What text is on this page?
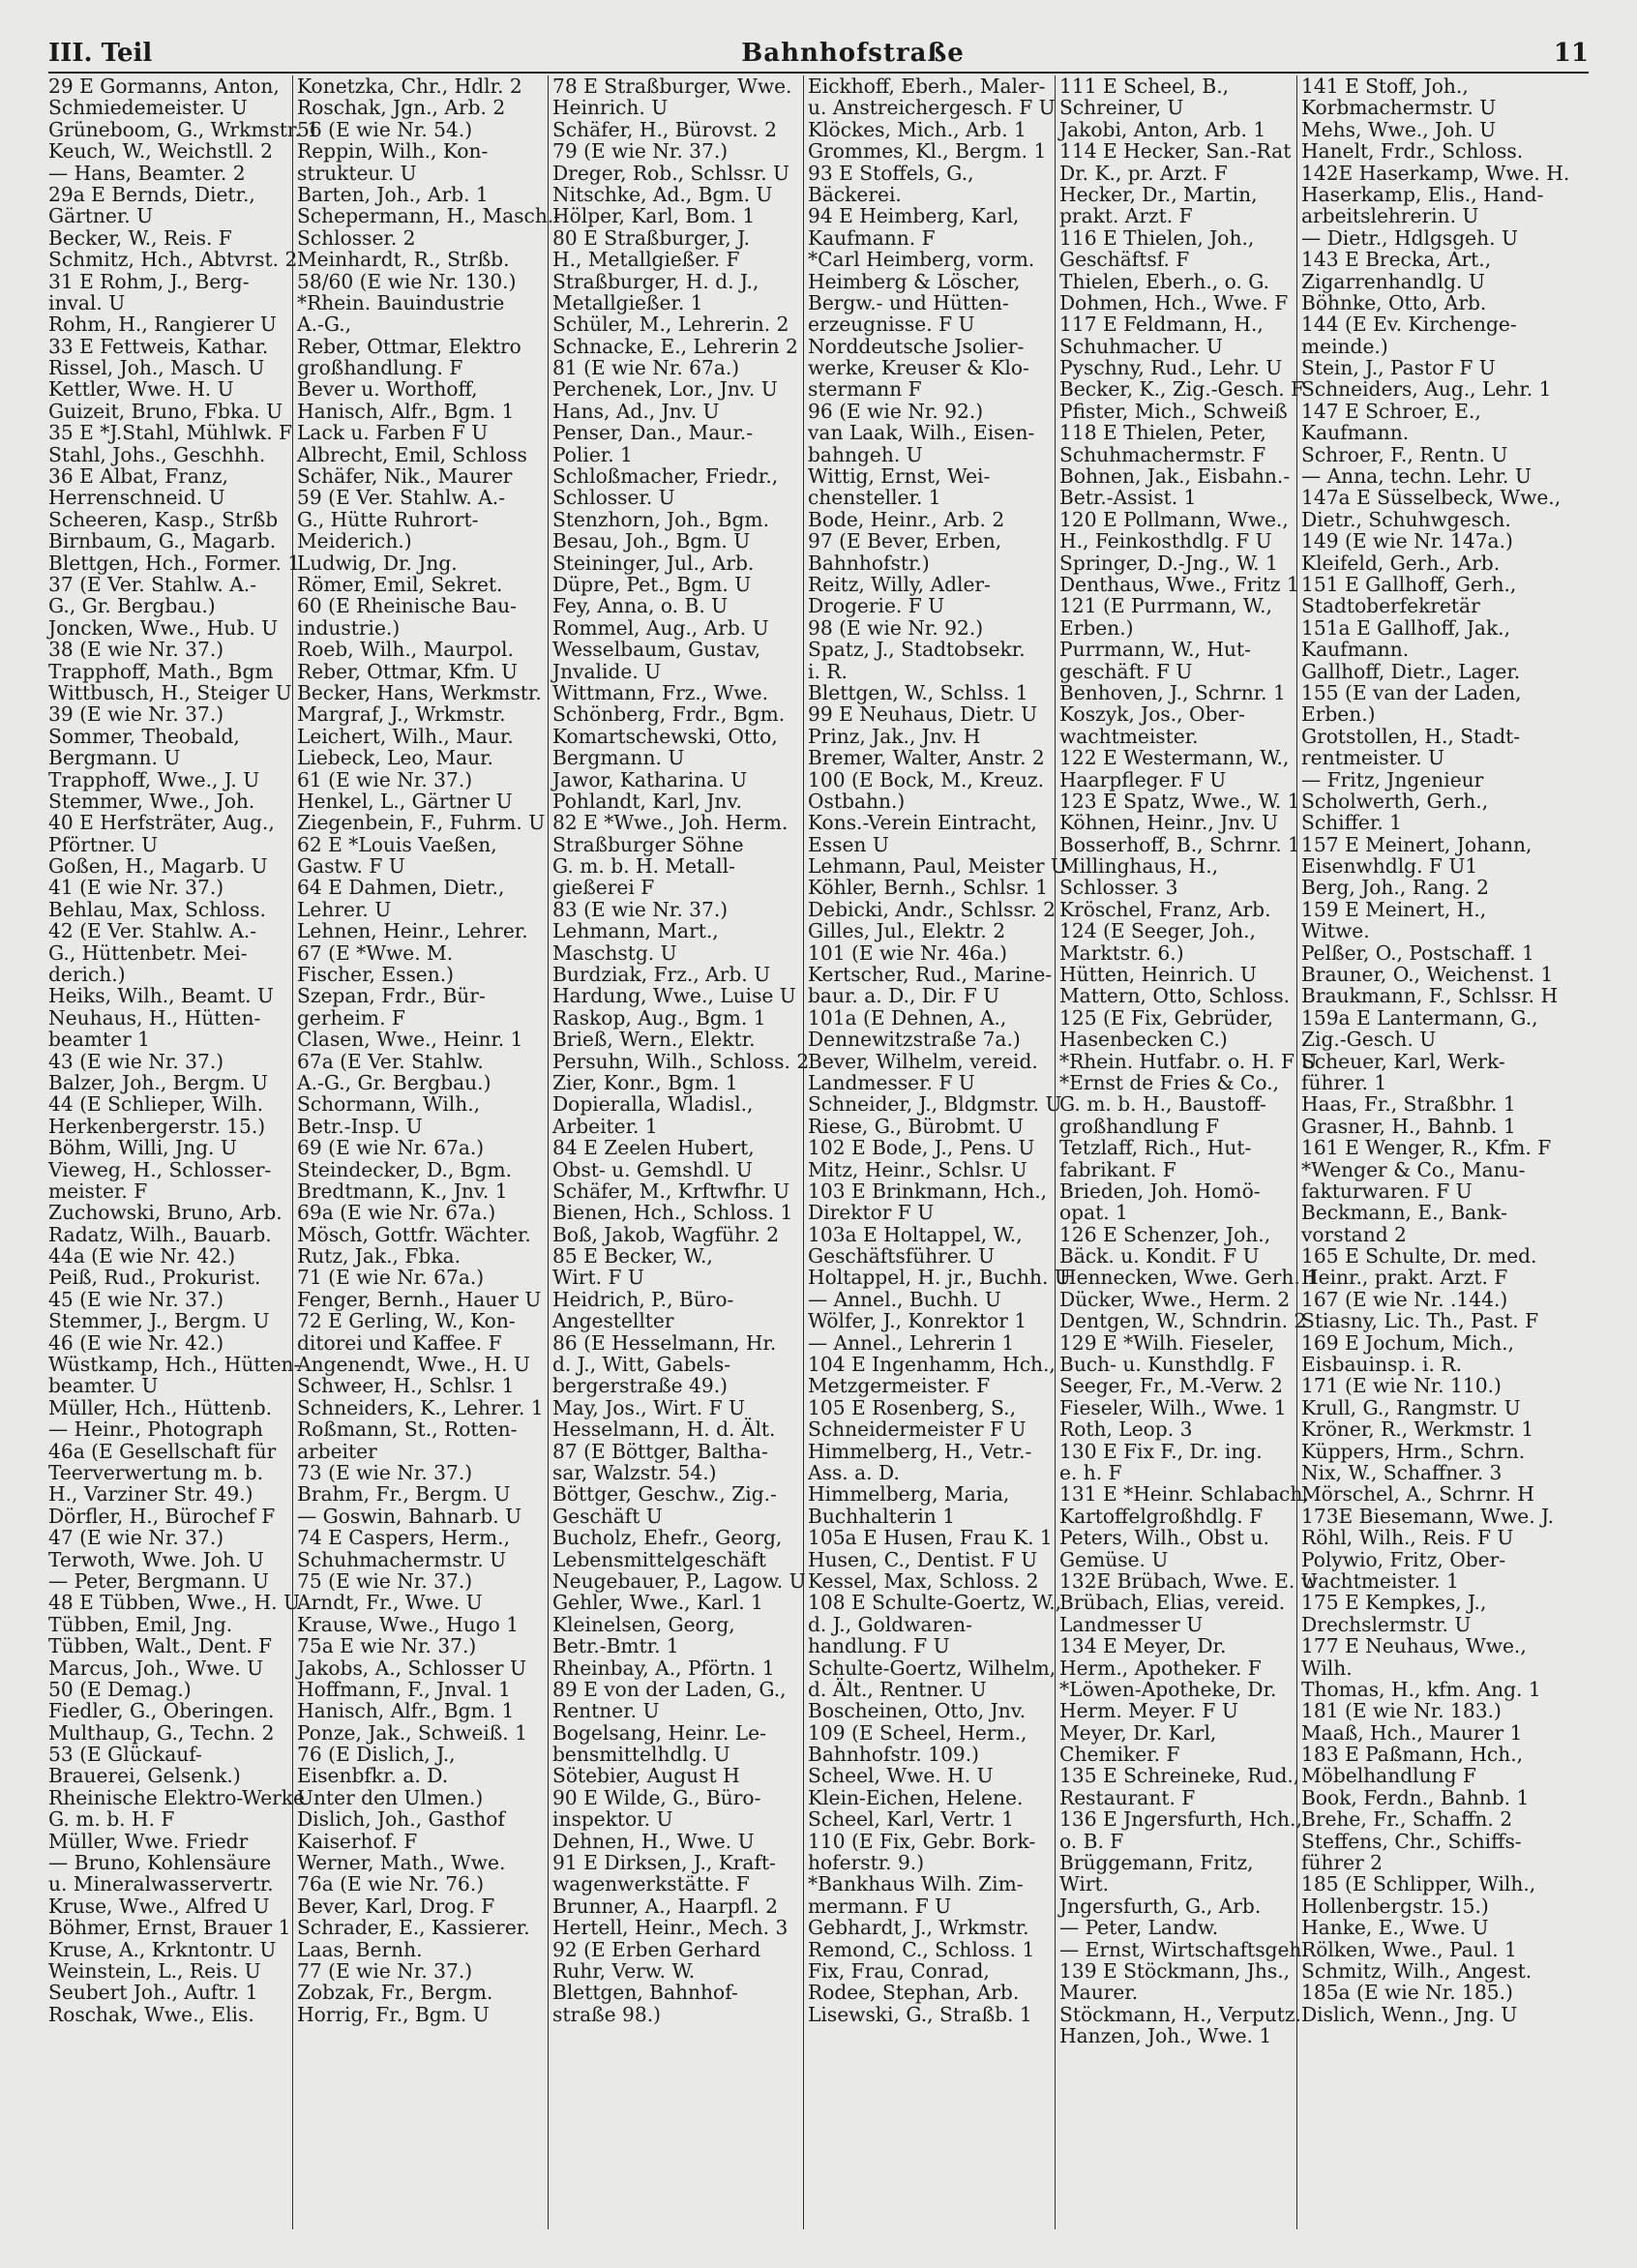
III. Teil	Bahnhofstraße	11
29 E Gormanns, Anton,
Schmiedemeister. U
Grüneboom, G., Wrkmstr. 1
Keuch, W., Weichstll. 2
— Hans, Beamter. 2
29a E Bernds, Dietr.,
Gärtner. U
Becker, W., Reis. F
Schmitz, Hch., Abtvrst. 2
31 E Rohm, J., Berg-
inval. U
Rohm, H., Rangierer U
33 E Fettweis, Kathar.
Rissel, Joh., Masch. U
Kettler, Wwe. H. U
Guizeit, Bruno, Fbka. U
35 E *J.Stahl, Mühlwk. F
Stahl, Johs., Geschhh.
36 E Albat, Franz,
Herrenschneid. U
Scheeren, Kasp., Strßb
Birnbaum, G., Magarb.
Blettgen, Hch., Former. 1
37 (E Ver. Stahlw. A.-
G., Gr. Bergbau.)
Joncken, Wwe., Hub. U
38 (E wie Nr. 37.)
Trapphoff, Math., Bgm
Wittbusch, H., Steiger U
39 (E wie Nr. 37.)
Sommer, Theobald,
Bergmann. U
Trapphoff, Wwe., J. U
Stemmer, Wwe., Joh.
40 E Herfsträter, Aug.,
Pförtner. U
Goßen, H., Magarb. U
41 (E wie Nr. 37.)
Behlau, Max, Schloss.
42 (E Ver. Stahlw. A.-
G., Hüttenbetr. Mei-
derich.)
Heiks, Wilh., Beamt. U
Neuhaus, H., Hütten-
beamter 1
43 (E wie Nr. 37.)
Balzer, Joh., Bergm. U
44 (E Schlieper, Wilh.
Herkenbergerstr. 15.)
Böhm, Willi, Jng. U
Vieweg, H., Schlosser-
meister. F
Zuchowski, Bruno, Arb.
Radatz, Wilh., Bauarb.
44a (E wie Nr. 42.)
Peiß, Rud., Prokurist.
45 (E wie Nr. 37.)
Stemmer, J., Bergm. U
46 (E wie Nr. 42.)
Wüstkamp, Hch., Hütten-
beamter. U
Müller, Hch., Hüttenb.
— Heinr., Photograph
46a (E Gesellschaft für
Teerverwertung m. b.
H., Varziner Str. 49.)
Dörfler, H., Bürochef F
47 (E wie Nr. 37.)
Terwoth, Wwe. Joh. U
— Peter, Bergmann. U
48 E Tübben, Wwe., H. U
Tübben, Emil, Jng.
Tübben, Walt., Dent. F
Marcus, Joh., Wwe. U
50 (E Demag.)
Fiedler, G., Oberingen.
Multhaup, G., Techn. 2
53 (E Glückauf-
Brauerei, Gelsenk.)
Rheinische Elektro-Werke
G. m. b. H. F
Müller, Wwe. Friedr
— Bruno, Kohlensäure
u. Mineralwasservertr.
Kruse, Wwe., Alfred U
Böhmer, Ernst, Brauer 1
Kruse, A., Krkntontr. U
Weinstein, L., Reis. U
Seubert Joh., Auftr. 1
Roschak, Wwe., Elis.
Konetzka, Chr., Hdlr. 2
Roschak, Jgn., Arb. 2
56 (E wie Nr. 54.)
Reppin, Wilh., Kon-
strukteur. U
Barten, Joh., Arb. 1
Schepermann, H., Masch.-
Schlosser. 2
Meinhardt, R., Strßb.
58/60 (E wie Nr. 130.)
*Rhein. Bauindustrie
A.-G.,
Reber, Ottmar, Elektro
großhandlung. F
Bever u. Worthoff,
Hanisch, Alfr., Bgm. 1
Lack u. Farben F U
Albrecht, Emil, Schloss
Schäfer, Nik., Maurer
59 (E Ver. Stahlw. A.-
G., Hütte Ruhrort-
Meiderich.)
Ludwig, Dr. Jng.
Römer, Emil, Sekret.
60 (E Rheinische Bau-
industrie.)
Roeb, Wilh., Maurpol.
Reber, Ottmar, Kfm. U
Becker, Hans, Werkmstr.
Margraf, J., Wrkmstr.
Leichert, Wilh., Maur.
Liebeck, Leo, Maur.
61 (E wie Nr. 37.)
Henkel, L., Gärtner U
Ziegenbein, F., Fuhrm. U
62 E *Louis Vaeßen,
Gastw. F U
64 E Dahmen, Dietr.,
Lehrer. U
Lehnen, Heinr., Lehrer.
67 (E *Wwe. M.
Fischer, Essen.)
Szepan, Frdr., Bür-
gerheim. F
Clasen, Wwe., Heinr. 1
67a (E Ver. Stahlw.
A.-G., Gr. Bergbau.)
Schormann, Wilh.,
Betr.-Insp. U
69 (E wie Nr. 67a.)
Steindecker, D., Bgm.
Bredtmann, K., Jnv. 1
69a (E wie Nr. 67a.)
Mösch, Gottfr. Wächter.
Rutz, Jak., Fbka.
71 (E wie Nr. 67a.)
Fenger, Bernh., Hauer U
72 E Gerling, W., Kon-
ditorei und Kaffee. F
Angenendt, Wwe., H. U
Schweer, H., Schlsr. 1
Schneiders, K., Lehrer. 1
Roßmann, St., Rotten-
arbeiter
73 (E wie Nr. 37.)
Brahm, Fr., Bergm. U
— Goswin, Bahnarb. U
74 E Caspers, Herm.,
Schuhmachermstr. U
75 (E wie Nr. 37.)
Arndt, Fr., Wwe. U
Krause, Wwe., Hugo 1
75a E wie Nr. 37.)
Jakobs, A., Schlosser U
Hoffmann, F., Jnval. 1
Hanisch, Alfr., Bgm. 1
Ponze, Jak., Schweiß. 1
76 (E Dislich, J.,
Eisenbfkr. a. D.
Unter den Ulmen.)
Dislich, Joh., Gasthof
Kaiserhof. F
Werner, Math., Wwe.
76a (E wie Nr. 76.)
Bever, Karl, Drog. F
Schrader, E., Kassierer.
Laas, Bernh.
77 (E wie Nr. 37.)
Zobzak, Fr., Bergm.
Horrig, Fr., Bgm. U
78 E Straßburger, Wwe.
Heinrich. U
Schäfer, H., Bürovst. 2
79 (E wie Nr. 37.)
Dreger, Rob., Schlssr. U
Nitschke, Ad., Bgm. U
Hölper, Karl, Bom. 1
80 E Straßburger, J.
H., Metallgießer. F
Straßburger, H. d. J.,
Metallgießer. 1
Schüler, M., Lehrerin. 2
Schnacke, E., Lehrerin 2
81 (E wie Nr. 67a.)
Perchenek, Lor., Jnv. U
Hans, Ad., Jnv. U
Penser, Dan., Maur.-
Polier. 1
Schloßmacher, Friedr.,
Schlosser. U
Stenzhorn, Joh., Bgm.
Besau, Joh., Bgm. U
Steininger, Jul., Arb.
Düpre, Pet., Bgm. U
Fey, Anna, o. B. U
Rommel, Aug., Arb. U
Wesselbaum, Gustav,
Jnvalide. U
Wittmann, Frz., Wwe.
Schönberg, Frdr., Bgm.
Komartschewski, Otto,
Bergmann. U
Jawor, Katharina. U
Pohlandt, Karl, Jnv.
82 E *Wwe., Joh. Herm.
Straßburger Söhne
G. m. b. H. Metall-
gießerei F
83 (E wie Nr. 37.)
Lehmann, Mart.,
Maschstg. U
Burdziak, Frz., Arb. U
Hardung, Wwe., Luise U
Raskop, Aug., Bgm. 1
Brieß, Wern., Elektr.
Persuhn, Wilh., Schloss. 2
Zier, Konr., Bgm. 1
Dopieralla, Wladisl.,
Arbeiter. 1
84 E Zeelen Hubert,
Obst- u. Gemshdl. U
Schäfer, M., Krftwfhr. U
Bienen, Hch., Schloss. 1
Boß, Jakob, Wagführ. 2
85 E Becker, W.,
Wirt. F U
Heidrich, P., Büro-
Angestellter
86 (E Hesselmann, Hr.
d. J., Witt, Gabels-
bergerstraße 49.)
May, Jos., Wirt. F U
Hesselmann, H. d. Ält.
87 (E Böttger, Baltha-
sar, Walzstr. 54.)
Böttger, Geschw., Zig.-
Geschäft U
Bucholz, Ehefr., Georg,
Lebensmittelgeschäft
Neugebauer, P., Lagow. U
Gehler, Wwe., Karl. 1
Kleinelsen, Georg,
Betr.-Bmtr. 1
Rheinbay, A., Pförtn. 1
89 E von der Laden, G.,
Rentner. U
Bogelsang, Heinr. Le-
bensmittelhdlg. U
Sötebier, August H
90 E Wilde, G., Büro-
inspektor. U
Dehnen, H., Wwe. U
91 E Dirksen, J., Kraft-
wagenwerkstätte. F
Brunner, A., Haarpfl. 2
Hertell, Heinr., Mech. 3
92 (E Erben Gerhard
Ruhr, Verw. W.
Blettgen, Bahnhof-
straße 98.)
Eickhoff, Eberh., Maler-
u. Anstreichergesch. F U
Klöckes, Mich., Arb. 1
Grommes, Kl., Bergm. 1
93 E Stoffels, G.,
Bäckerei.
94 E Heimberg, Karl,
Kaufmann. F
*Carl Heimberg, vorm.
Heimberg & Löscher,
Bergw.- und Hütten-
erzeugnisse. F U
Norddeutsche Jsolier-
werke, Kreuser & Klo-
stermann F
96 (E wie Nr. 92.)
van Laak, Wilh., Eisen-
bahngeh. U
Wittig, Ernst, Wei-
chensteller. 1
Bode, Heinr., Arb. 2
97 (E Bever, Erben,
Bahnhofstr.)
Reitz, Willy, Adler-
Drogerie. F U
98 (E wie Nr. 92.)
Spatz, J., Stadtobsekr.
i. R.
Blettgen, W., Schlss. 1
99 E Neuhaus, Dietr. U
Prinz, Jak., Jnv. H
Bremer, Walter, Anstr. 2
100 (E Bock, M., Kreuz.
Ostbahn.)
Kons.-Verein Eintracht,
Essen U
Lehmann, Paul, Meister U
Köhler, Bernh., Schlsr. 1
Debicki, Andr., Schlssr. 2
Gilles, Jul., Elektr. 2
101 (E wie Nr. 46a.)
Kertscher, Rud., Marine-
baur. a. D., Dir. F U
101a (E Dehnen, A.,
Dennewitzstraße 7a.)
Bever, Wilhelm, vereid.
Landmesser. F U
Schneider, J., Bldgmstr. U
Riese, G., Bürobmt. U
102 E Bode, J., Pens. U
Mitz, Heinr., Schlsr. U
103 E Brinkmann, Hch.,
Direktor F U
103a E Holtappel, W.,
Geschäftsführer. U
Holtappel, H. jr., Buchh. U
— Annel., Buchh. U
Wölfer, J., Konrektor 1
— Annel., Lehrerin 1
104 E Ingenhamm, Hch.,
Metzgermeister. F
105 E Rosenberg, S.,
Schneidermeister F U
Himmelberg, H., Vetr.-
Ass. a. D.
Himmelberg, Maria,
Buchhalterin 1
105a E Husen, Frau K. 1
Husen, C., Dentist. F U
Kessel, Max, Schloss. 2
108 E Schulte-Goertz, W.,
d. J., Goldwaren-
handlung. F U
Schulte-Goertz, Wilhelm,
d. Ält., Rentner. U
Boscheinen, Otto, Jnv.
109 (E Scheel, Herm.,
Bahnhofstr. 109.)
Scheel, Wwe. H. U
Klein-Eichen, Helene.
Scheel, Karl, Vertr. 1
110 (E Fix, Gebr. Bork-
hoferstr. 9.)
*Bankhaus Wilh. Zim-
mermann. F U
Gebhardt, J., Wrkmstr.
Remond, C., Schloss. 1
Fix, Frau, Conrad,
Rodee, Stephan, Arb.
Lisewski, G., Straßb. 1
111 E Scheel, B.,
Schreiner, U
Jakobi, Anton, Arb. 1
114 E Hecker, San.-Rat
Dr. K., pr. Arzt. F
Hecker, Dr., Martin,
prakt. Arzt. F
116 E Thielen, Joh.,
Geschäftsf. F
Thielen, Eberh., o. G.
Dohmen, Hch., Wwe. F
117 E Feldmann, H.,
Schuhmacher. U
Pyschny, Rud., Lehr. U
Becker, K., Zig.-Gesch. F
Pfister, Mich., Schweiß
118 E Thielen, Peter,
Schuhmachermstr. F
Bohnen, Jak., Eisbahn.-
Betr.-Assist. 1
120 E Pollmann, Wwe.,
H., Feinkosthdlg. F U
Springer, D.-Jng., W. 1
Denthaus, Wwe., Fritz 1
121 (E Purrmann, W.,
Erben.)
Purrmann, W., Hut-
geschäft. F U
Benhoven, J., Schrnr. 1
Koszyk, Jos., Ober-
wachtmeister.
122 E Westermann, W.,
Haarpfleger. F U
123 E Spatz, Wwe., W. 1
Köhnen, Heinr., Jnv. U
Bosserhoff, B., Schrnr. 1
Millinghaus, H.,
Schlosser. 3
Kröschel, Franz, Arb.
124 (E Seeger, Joh.,
Marktstr. 6.)
Hütten, Heinrich. U
Mattern, Otto, Schloss.
125 (E Fix, Gebrüder,
Hasenbecken C.)
*Rhein. Hutfabr. o. H. F U
*Ernst de Fries & Co.,
G. m. b. H., Baustoff-
großhandlung F
Tetzlaff, Rich., Hut-
fabrikant. F
Brieden, Joh. Homö-
opat. 1
126 E Schenzer, Joh.,
Bäck. u. Kondit. F U
Hennecken, Wwe. Gerh. 1
Dücker, Wwe., Herm. 2
Dentgen, W., Schndrin. 2
129 E *Wilh. Fieseler,
Buch- u. Kunsthdlg. F
Seeger, Fr., M.-Verw. 2
Fieseler, Wilh., Wwe. 1
Roth, Leop. 3
130 E Fix F., Dr. ing.
e. h. F
131 E *Heinr. Schlabach,
Kartoffelgroßhdlg. F
Peters, Wilh., Obst u.
Gemüse. U
132E Brübach, Wwe. E. U
Brübach, Elias, vereid.
Landmesser U
134 E Meyer, Dr.
Herm., Apotheker. F
*Löwen-Apotheke, Dr.
Herm. Meyer. F U
Meyer, Dr. Karl,
Chemiker. F
135 E Schreineke, Rud.,
Restaurant. F
136 E Jngersfurth, Hch.,
o. B. F
Brüggemann, Fritz,
Wirt.
Jngersfurth, G., Arb.
— Peter, Landw.
— Ernst, Wirtschaftsgeh.
139 E Stöckmann, Jhs.,
Maurer.
Stöckmann, H., Verputz.
Hanzen, Joh., Wwe. 1
141 E Stoff, Joh.,
Korbmachermstr. U
Mehs, Wwe., Joh. U
Hanelt, Frdr., Schloss.
142E Haserkamp, Wwe. H.
Haserkamp, Elis., Hand-
arbeitslehrerin. U
— Dietr., Hdlgsgeh. U
143 E Brecka, Art.,
Zigarrenhandlg. U
Böhnke, Otto, Arb.
144 (E Ev. Kirchenge-
meinde.)
Stein, J., Pastor F U
Schneiders, Aug., Lehr. 1
147 E Schroer, E.,
Kaufmann.
Schroer, F., Rentn. U
— Anna, techn. Lehr. U
147a E Süsselbeck, Wwe.,
Dietr., Schuhwgesch.
149 (E wie Nr. 147a.)
Kleifeld, Gerh., Arb.
151 E Gallhoff, Gerh.,
Stadtoberfekretär
151a E Gallhoff, Jak.,
Kaufmann.
Gallhoff, Dietr., Lager.
155 (E van der Laden,
Erben.)
Grotstollen, H., Stadt-
rentmeister. U
— Fritz, Jngenieur
Scholwerth, Gerh.,
Schiffer. 1
157 E Meinert, Johann,
Eisenwhdlg. F U1
Berg, Joh., Rang. 2
159 E Meinert, H.,
Witwe.
Pelßer, O., Postschaff. 1
Brauner, O., Weichenst. 1
Braukmann, F., Schlssr. H
159a E Lantermann, G.,
Zig.-Gesch. U
Scheuer, Karl, Werk-
führer. 1
Haas, Fr., Straßbhr. 1
Grasner, H., Bahnb. 1
161 E Wenger, R., Kfm. F
*Wenger & Co., Manu-
fakturwaren. F U
Beckmann, E., Bank-
vorstand 2
165 E Schulte, Dr. med.
Heinr., prakt. Arzt. F
167 (E wie Nr. .144.)
Stiasny, Lic. Th., Past. F
169 E Jochum, Mich.,
Eisbauinsp. i. R.
171 (E wie Nr. 110.)
Krull, G., Rangmstr. U
Kröner, R., Werkmstr. 1
Küppers, Hrm., Schrn.
Nix, W., Schaffner. 3
Mörschel, A., Schrnr. H
173E Biesemann, Wwe. J.
Röhl, Wilh., Reis. F U
Polywio, Fritz, Ober-
wachtmeister. 1
175 E Kempkes, J.,
Drechslermstr. U
177 E Neuhaus, Wwe.,
Wilh.
Thomas, H., kfm. Ang. 1
181 (E wie Nr. 183.)
Maaß, Hch., Maurer 1
183 E Paßmann, Hch.,
Möbelhandlung F
Book, Ferdn., Bahnb. 1
Brehe, Fr., Schaffn. 2
Steffens, Chr., Schiffs-
führer 2
185 (E Schlipper, Wilh.,
Hollenbergstr. 15.)
Hanke, E., Wwe. U
Rölken, Wwe., Paul. 1
Schmitz, Wilh., Angest.
185a (E wie Nr. 185.)
Dislich, Wenn., Jng. U
